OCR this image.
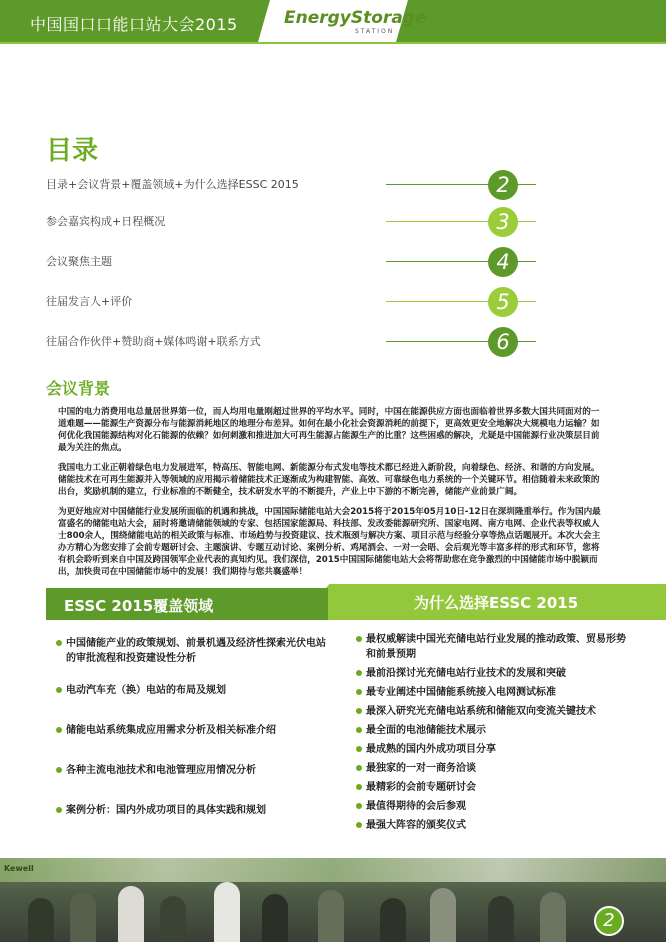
中国国口口能口站大会2015	EnergyStorage
STATION
目录
目录+会议背景+覆盖领域+为什么选择ESSC 2015	2
参会嘉宾构成+日程概况	3
会议聚焦主题	4
往届发言人+评价	5
往届合作伙伴+赞助商+媒体鸣谢+联系方式	6
会议背景

中国的电力消费用电总量居世界第一位，而人均用电量刚超过世界的平均水平。同时，中国在能源供应方面也面临着世界多数大国共同面对的一道难题——能源生产资源分布与能源消耗地区的地理分布差异。如何在最小化社会资源消耗的前提下，更高效更安全地解决大规模电力运输？如何优化我国能源结构对化石能源的依赖？如何刺激和推进加大可再生能源占能源生产的比重？这些困惑的解决，尤疑是中国能源行业决策层目前最为关注的焦点。

我国电力工业正朝着绿色电力发展进军，特高压、智能电网、新能源分布式发电等技术都已经进入新阶段，向着绿色、经济、和谐的方向发展。储能技术在可再生能源并入等领域的应用揭示着储能技术正逐渐成为构建智能、高效、可靠绿色电力系统的一个关键环节。相信随着未来政策的出台，奖励机制的建立，行业标准的不断健全，技术研发水平的不断提升，产业上中下游的不断完善，储能产业前景广阔。

为更好地应对中国储能行业发展所面临的机遇和挑战，中国国际储能电站大会2015将于2015年05月10日-12日在深圳隆重举行。作为国内最富盛名的储能电站大会，届时将邀请储能领域的专家、包括国家能源局、科技部、发改委能源研究所、国家电网、南方电网、企业代表等权威人士800余人，围绕储能电站的相关政策与标准、市场趋势与投资建议、技术瓶颈与解决方案、项目示范与经验分享等热点话题展开。本次大会主办方精心为您安排了会前专题研讨会、主题演讲、专题互动讨论、案例分析、鸡尾酒会、一对一会晤、会后观光等丰富多样的形式和环节，您将有机会聆听到来自中国及跨国领军企业代表的真知灼见。我们深信，2015中国国际储能电站大会将帮助您在竞争激烈的中国储能市场中脱颖而出，加快贵司在中国储能市场中的发展！我们期待与您共襄盛举！

为什么选择ESSC 2015
ESSC 2015覆盖领域
中国储能产业的政策规划、前景机遇及经济性探索光伏电站的审批流程和投资建设性分析
电动汽车充（换）电站的布局及规划
储能电站系统集成应用需求分析及相关标准介绍
各种主流电池技术和电池管理应用情况分析
案例分析：国内外成功项目的具体实践和规划
最权威解读中国光充储电站行业发展的推动政策、贸易形势和前景预期
最前沿探讨光充储电站行业技术的发展和突破
最专业阐述中国储能系统接入电网测试标准
最深入研究光充储电站系统和储能双向变流关键技术
最全面的电池储能技术展示
最成熟的国内外成功项目分享
最独家的一对一商务洽谈
最精彩的会前专题研讨会
最值得期待的会后参观
最强大阵容的颁奖仪式
Kewell
2
